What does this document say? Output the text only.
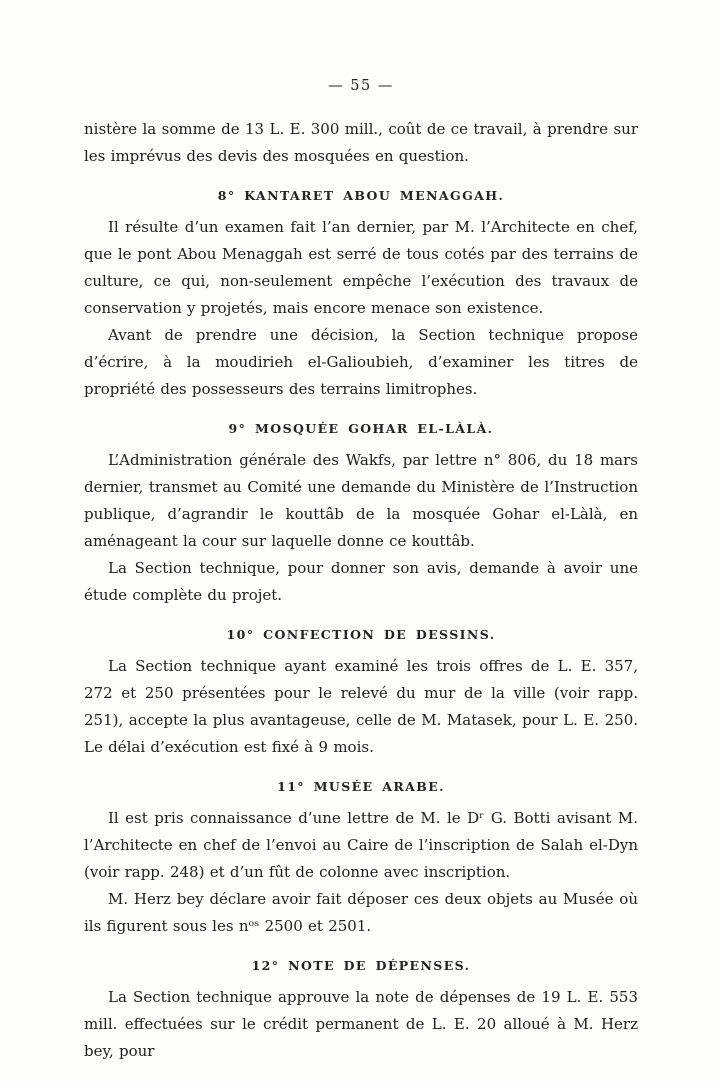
— 55 —

nistère la somme de 13 L. E. 300 mill., coût de ce travail, à prendre sur les imprévus des devis des mosquées en question.

8° KANTARET ABOU MENAGGAH.

Il résulte d’un examen fait l’an dernier, par M. l’Architecte en chef, que le pont Abou Menaggah est serré de tous cotés par des terrains de culture, ce qui, non-seulement empêche l’exécution des travaux de conservation y projetés, mais encore menace son existence.

Avant de prendre une décision, la Section technique propose d’écrire, à la moudirieh el-Galioubieh, d’examiner les titres de propriété des possesseurs des terrains limitrophes.

9° MOSQUÉE GOHAR EL-LÀLÀ.

L’Administration générale des Wakfs, par lettre n° 806, du 18 mars dernier, transmet au Comité une demande du Ministère de l’Instruction publique, d’agrandir le kouttâb de la mosquée Gohar el-Làlà, en aménageant la cour sur laquelle donne ce kouttâb.

La Section technique, pour donner son avis, demande à avoir une étude complète du projet.

10° CONFECTION DE DESSINS.

La Section technique ayant examiné les trois offres de L. E. 357, 272 et 250 présentées pour le relevé du mur de la ville (voir rapp. 251), accepte la plus avantageuse, celle de M. Matasek, pour L. E. 250. Le délai d’exécution est fixé à 9 mois.

11° MUSÉE ARABE.

Il est pris connaissance d’une lettre de M. le Dʳ G. Botti avisant M. l’Architecte en chef de l’envoi au Caire de l’inscription de Salah el-Dyn (voir rapp. 248) et d’un fût de colonne avec inscription.

M. Herz bey déclare avoir fait déposer ces deux objets au Musée où ils figurent sous les nᵒˢ 2500 et 2501.

12° NOTE DE DÉPENSES.

La Section technique approuve la note de dépenses de 19 L. E. 553 mill. effectuées sur le crédit permanent de L. E. 20 alloué à M. Herz bey, pour
